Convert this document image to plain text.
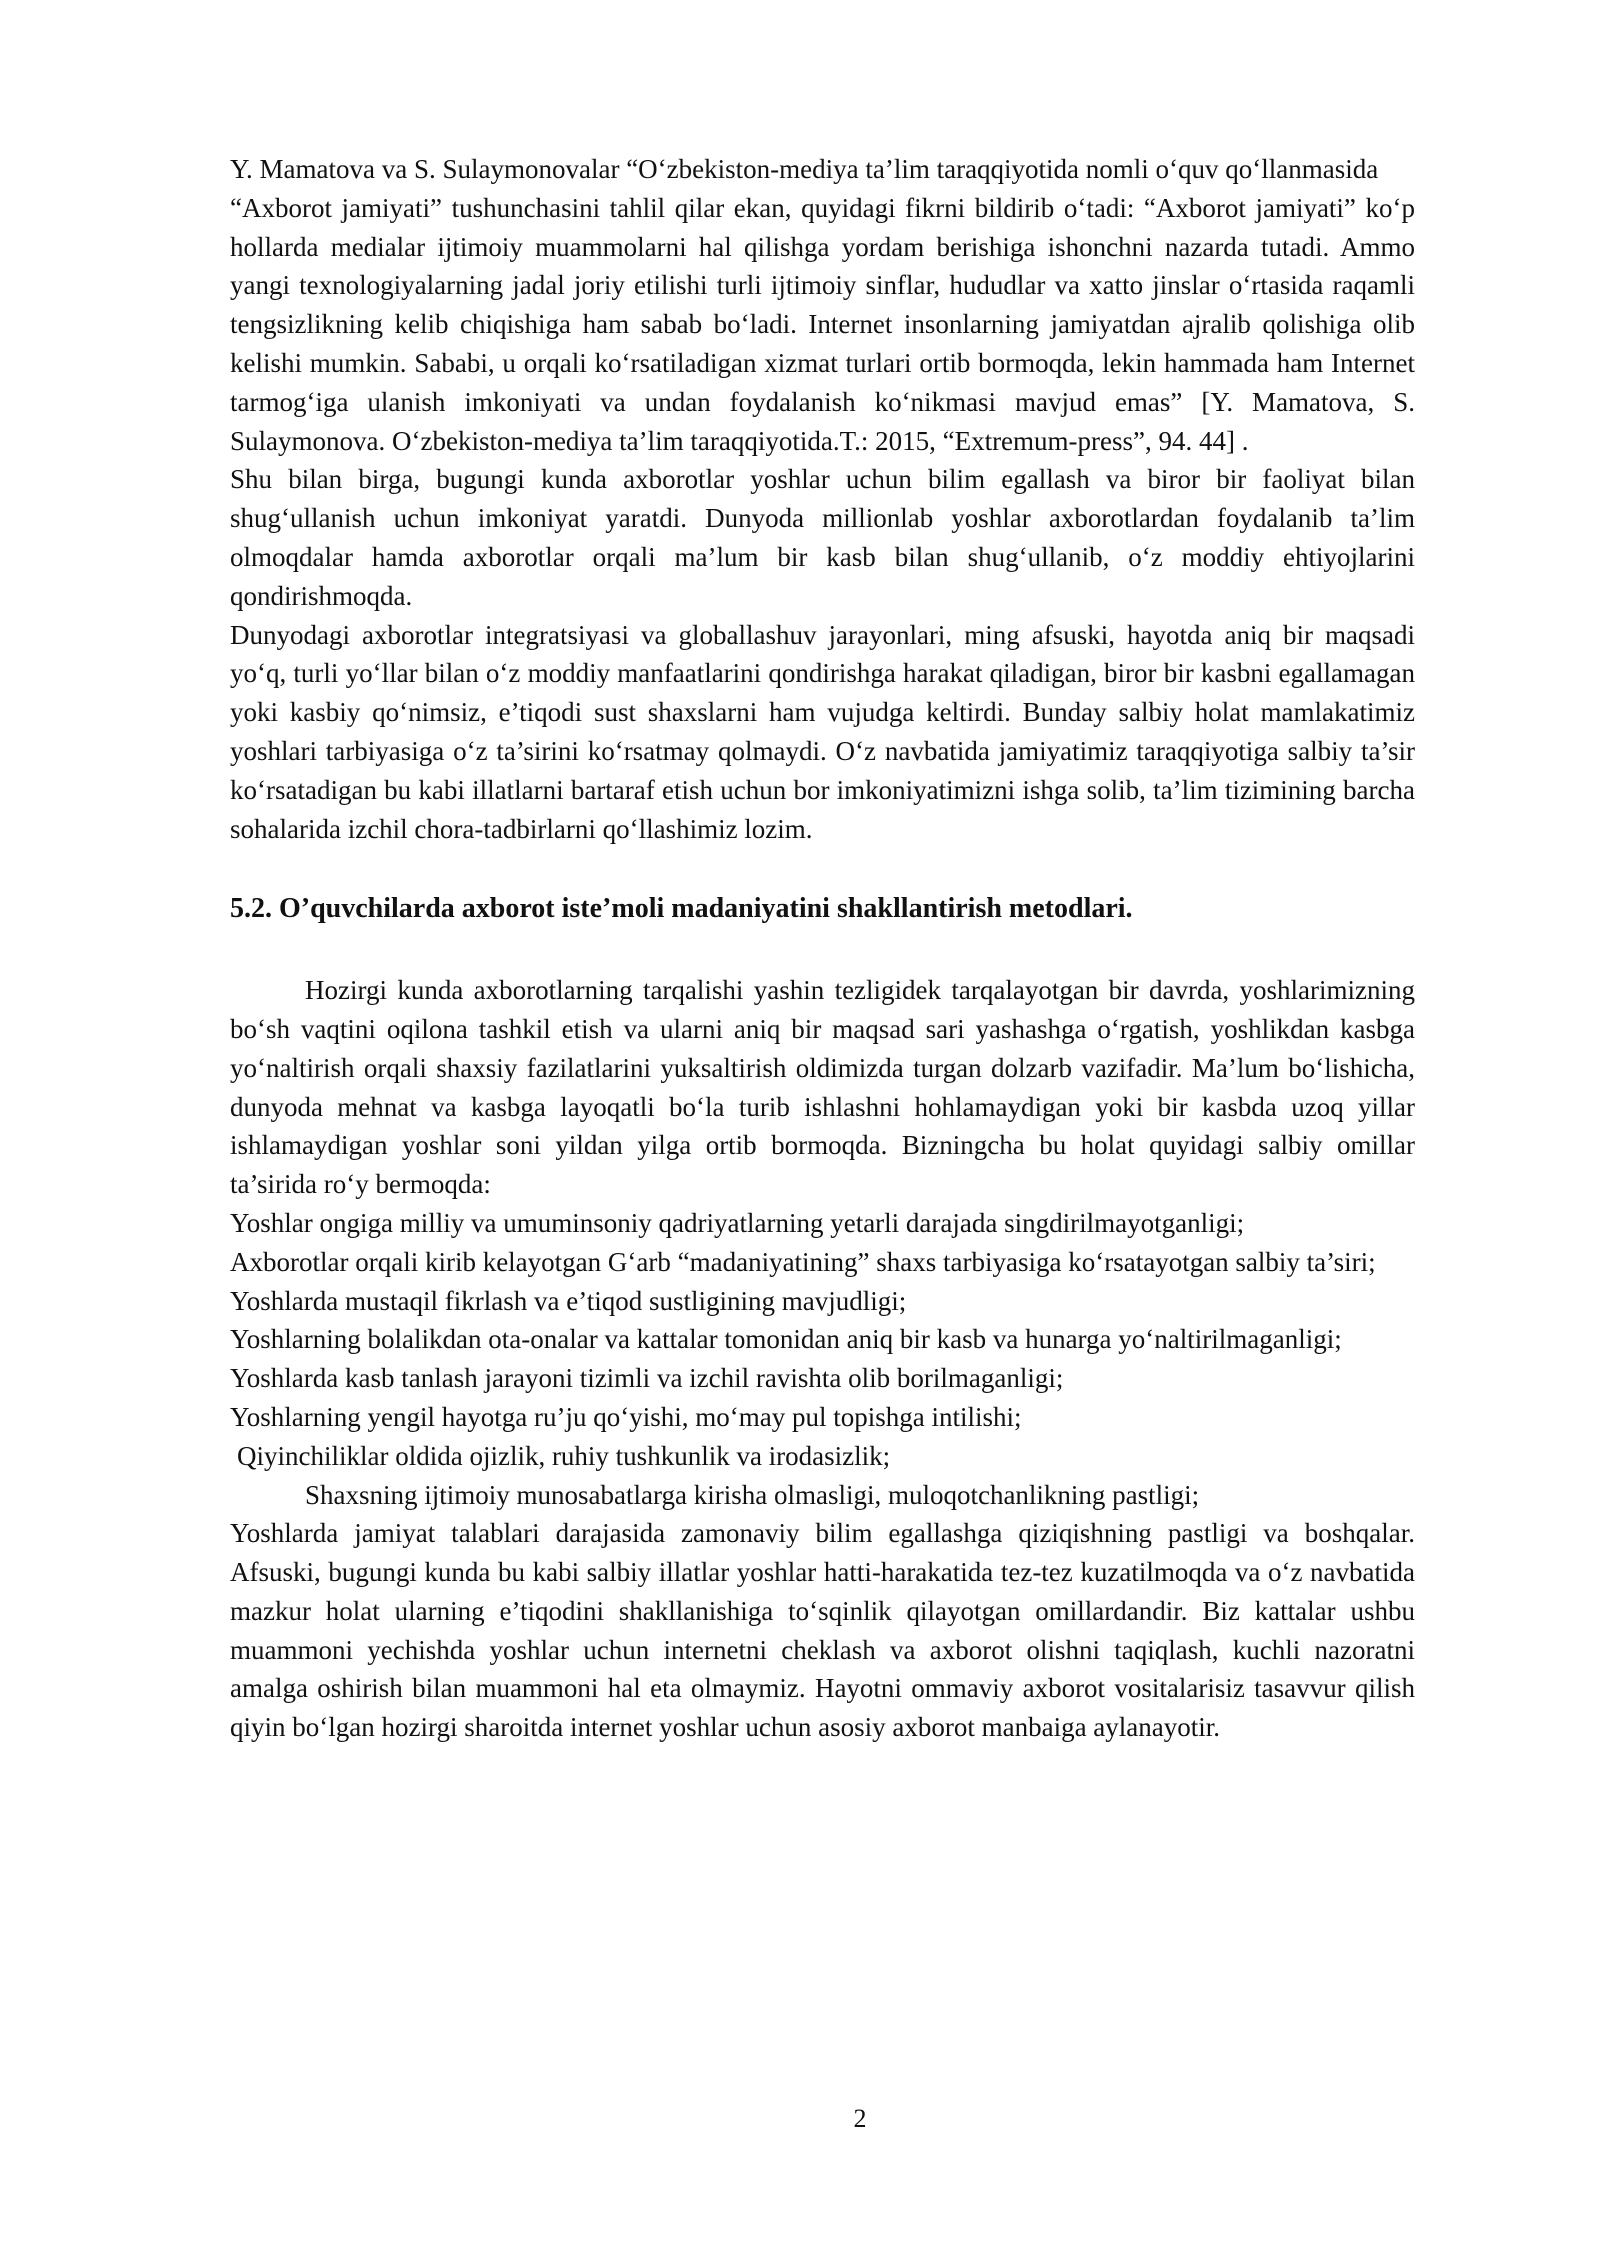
Y. Mamatova va S. Sulaymonovalar “O‘zbekiston-mediya ta’lim taraqqiyotida nomli o‘quv qo‘llanmasida

“Axborot jamiyati” tushunchasini tahlil qilar ekan, quyidagi fikrni bildirib o‘tadi: “Axborot jamiyati” ko‘p hollarda medialar ijtimoiy muammolarni hal qilishga yordam berishiga ishonchni nazarda tutadi. Ammo yangi texnologiyalarning jadal joriy etilishi turli ijtimoiy sinflar, hududlar va xatto jinslar o‘rtasida raqamli tengsizlikning kelib chiqishiga ham sabab bo‘ladi. Internet insonlarning jamiyatdan ajralib qolishiga olib kelishi mumkin. Sababi, u orqali ko‘rsatiladigan xizmat turlari ortib bormoqda, lekin hammada ham Internet tarmog‘iga ulanish imkoniyati va undan foydalanish ko‘nikmasi mavjud emas” [Y. Mamatova, S. Sulaymonova. O‘zbekiston-mediya ta’lim taraqqiyotida.T.: 2015, “Extremum-press”, 94. 44] .

Shu bilan birga, bugungi kunda axborotlar yoshlar uchun bilim egallash va biror bir faoliyat bilan shug‘ullanish uchun imkoniyat yaratdi. Dunyoda millionlab yoshlar axborotlardan foydalanib ta’lim olmoqdalar hamda axborotlar orqali ma’lum bir kasb bilan shug‘ullanib, o‘z moddiy ehtiyojlarini qondirishmoqda.

Dunyodagi axborotlar integratsiyasi va globallashuv jarayonlari, ming afsuski, hayotda aniq bir maqsadi yo‘q, turli yo‘llar bilan o‘z moddiy manfaatlarini qondirishga harakat qiladigan, biror bir kasbni egallamagan yoki kasbiy qo‘nimsiz, e’tiqodi sust shaxslarni ham vujudga keltirdi. Bunday salbiy holat mamlakatimiz yoshlari tarbiyasiga o‘z ta’sirini ko‘rsatmay qolmaydi. O‘z navbatida jamiyatimiz taraqqiyotiga salbiy ta’sir ko‘rsatadigan bu kabi illatlarni bartaraf etish uchun bor imkoniyatimizni ishga solib, ta’lim tizimining barcha sohalarida izchil chora-tadbirlarni qo‘llashimiz lozim.

5.2. O’quvchilarda axborot iste’moli madaniyatini shakllantirish metodlari.

Hozirgi kunda axborotlarning tarqalishi yashin tezligidek tarqalayotgan bir davrda, yoshlarimizning bo‘sh vaqtini oqilona tashkil etish va ularni aniq bir maqsad sari yashashga o‘rgatish, yoshlikdan kasbga yo‘naltirish orqali shaxsiy fazilatlarini yuksaltirish oldimizda turgan dolzarb vazifadir. Ma’lum bo‘lishicha, dunyoda mehnat va kasbga layoqatli bo‘la turib ishlashni hohlamaydigan yoki bir kasbda uzoq yillar ishlamaydigan yoshlar soni yildan yilga ortib bormoqda. Bizningcha bu holat quyidagi salbiy omillar ta’sirida ro‘y bermoqda:

Yoshlar ongiga milliy va umuminsoniy qadriyatlarning yetarli darajada singdirilmayotganligi;

Axborotlar orqali kirib kelayotgan G‘arb “madaniyatining” shaxs tarbiyasiga ko‘rsatayotgan salbiy ta’siri;

Yoshlarda mustaqil fikrlash va e’tiqod sustligining mavjudligi;

Yoshlarning bolalikdan ota-onalar va kattalar tomonidan aniq bir kasb va hunarga yo‘naltirilmaganligi;

Yoshlarda kasb tanlash jarayoni tizimli va izchil ravishta olib borilmaganligi;

Yoshlarning yengil hayotga ru’ju qo‘yishi, mo‘may pul topishga intilishi;

Qiyinchiliklar oldida ojizlik, ruhiy tushkunlik va irodasizlik;

Shaxsning ijtimoiy munosabatlarga kirisha olmasligi, muloqotchanlikning pastligi;

Yoshlarda jamiyat talablari darajasida zamonaviy bilim egallashga qiziqishning pastligi va boshqalar. Afsuski, bugungi kunda bu kabi salbiy illatlar yoshlar hatti-harakatida tez-tez kuzatilmoqda va o‘z navbatida mazkur holat ularning e’tiqodini shakllanishiga to‘sqinlik qilayotgan omillardandir. Biz kattalar ushbu muammoni yechishda yoshlar uchun internetni cheklash va axborot olishni taqiqlash, kuchli nazoratni amalga oshirish bilan muammoni hal eta olmaymiz. Hayotni ommaviy axborot vositalarisiz tasavvur qilish qiyin bo‘lgan hozirgi sharoitda internet yoshlar uchun asosiy axborot manbaiga aylanayotir.

2
